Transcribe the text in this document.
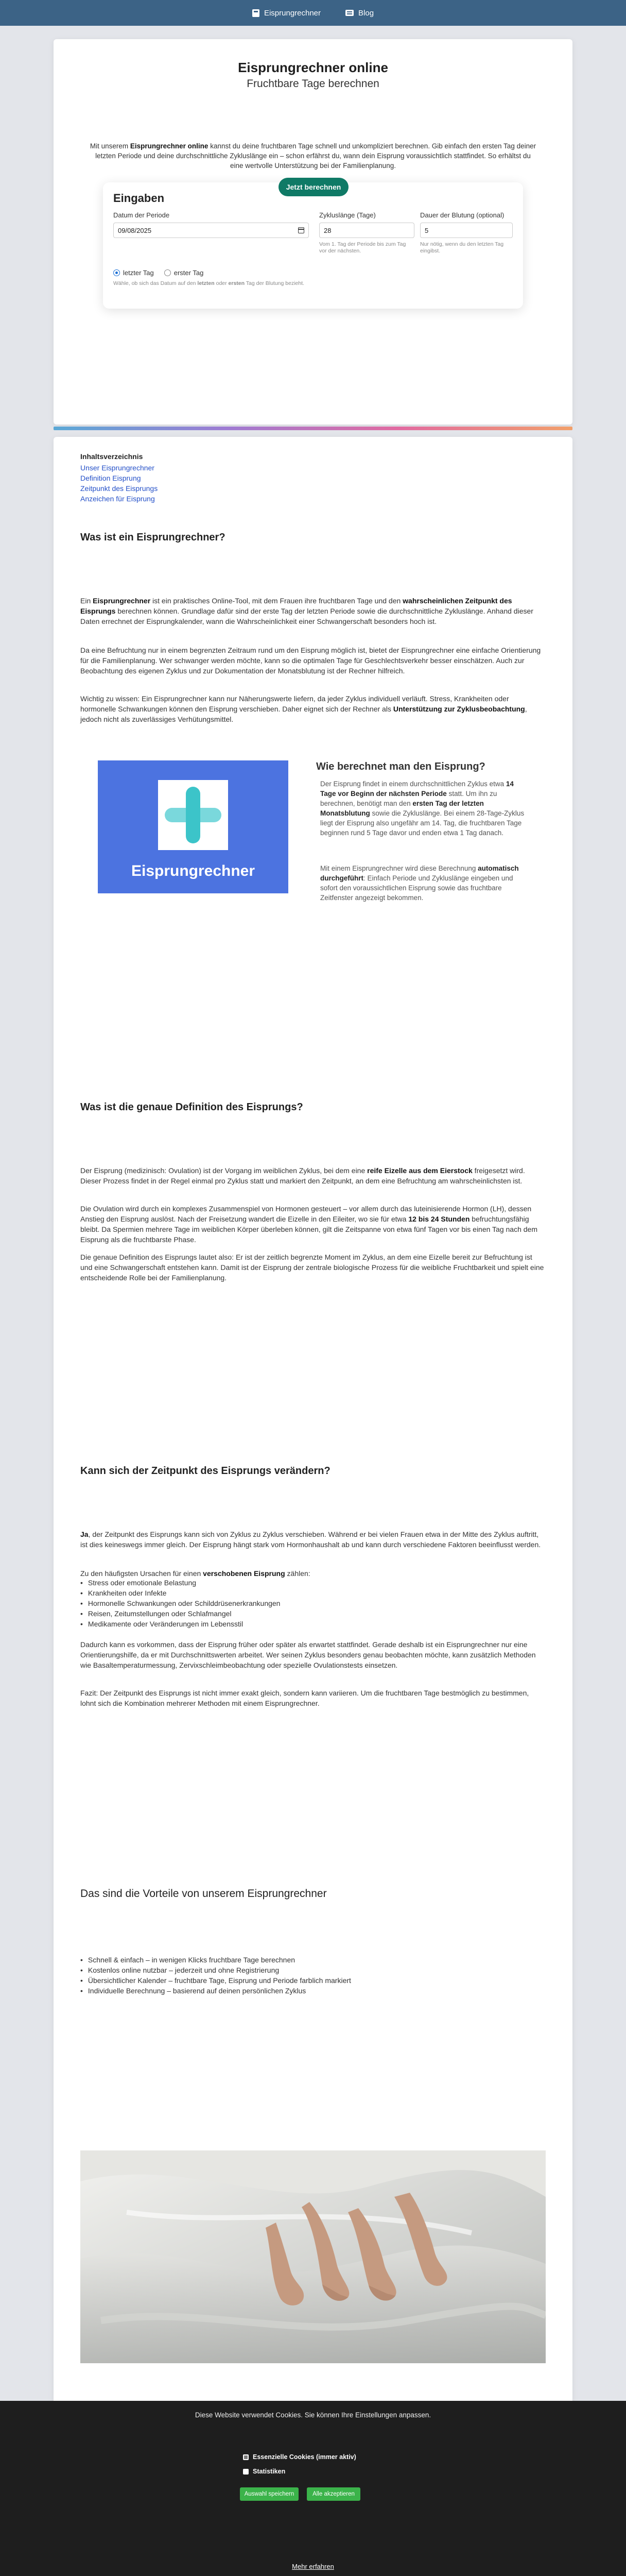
Eisprungrechner	Blog
Eisprungrechner online
Fruchtbare Tage berechnen

Mit unserem Eisprungrechner online kannst du deine fruchtbaren Tage schnell und unkompliziert berechnen. Gib einfach den ersten Tag deiner letzten Periode und deine durchschnittliche Zykluslänge ein – schon erfährst du, wann dein Eisprung voraussichtlich stattfindet. So erhältst du eine wertvolle Unterstützung bei der Familienplanung.

Eingaben
Datum der Periode
09/08/2025
Zykluslänge (Tage)
28
Vom 1. Tag der Periode bis zum Tag vor der nächsten.
Dauer der Blutung (optional)
5
Nur nötig, wenn du den letzten Tag eingibst.
letzter Tag	erster Tag
Wähle, ob sich das Datum auf den letzten oder ersten Tag der Blutung bezieht.
Jetzt berechnen
Inhaltsverzeichnis
Unser Eisprungrechner
Definition Eisprung
Zeitpunkt des Eisprungs
Anzeichen für Eisprung
Was ist ein Eisprungrechner?

Ein Eisprungrechner ist ein praktisches Online-Tool, mit dem Frauen ihre fruchtbaren Tage und den wahrscheinlichen Zeitpunkt des Eisprungs berechnen können. Grundlage dafür sind der erste Tag der letzten Periode sowie die durchschnittliche Zykluslänge. Anhand dieser Daten errechnet der Eisprungkalender, wann die Wahrscheinlichkeit einer Schwangerschaft besonders hoch ist.

Da eine Befruchtung nur in einem begrenzten Zeitraum rund um den Eisprung möglich ist, bietet der Eisprungrechner eine einfache Orientierung für die Familienplanung. Wer schwanger werden möchte, kann so die optimalen Tage für Geschlechtsverkehr besser einschätzen. Auch zur Beobachtung des eigenen Zyklus und zur Dokumentation der Monatsblutung ist der Rechner hilfreich.

Wichtig zu wissen: Ein Eisprungrechner kann nur Näherungswerte liefern, da jeder Zyklus individuell verläuft. Stress, Krankheiten oder hormonelle Schwankungen können den Eisprung verschieben. Daher eignet sich der Rechner als Unterstützung zur Zyklusbeobachtung, jedoch nicht als zuverlässiges Verhütungsmittel.

Eisprungrechner
Wie berechnet man den Eisprung?

Der Eisprung findet in einem durchschnittlichen Zyklus etwa 14 Tage vor Beginn der nächsten Periode statt. Um ihn zu berechnen, benötigt man den ersten Tag der letzten Monatsblutung sowie die Zykluslänge. Bei einem 28-Tage-Zyklus liegt der Eisprung also ungefähr am 14. Tag, die fruchtbaren Tage beginnen rund 5 Tage davor und enden etwa 1 Tag danach.

Mit einem Eisprungrechner wird diese Berechnung automatisch durchgeführt: Einfach Periode und Zykluslänge eingeben und sofort den voraussichtlichen Eisprung sowie das fruchtbare Zeitfenster angezeigt bekommen.

Was ist die genaue Definition des Eisprungs?

Der Eisprung (medizinisch: Ovulation) ist der Vorgang im weiblichen Zyklus, bei dem eine reife Eizelle aus dem Eierstock freigesetzt wird. Dieser Prozess findet in der Regel einmal pro Zyklus statt und markiert den Zeitpunkt, an dem eine Befruchtung am wahrscheinlichsten ist.

Die Ovulation wird durch ein komplexes Zusammenspiel von Hormonen gesteuert – vor allem durch das luteinisierende Hormon (LH), dessen Anstieg den Eisprung auslöst. Nach der Freisetzung wandert die Eizelle in den Eileiter, wo sie für etwa 12 bis 24 Stunden befruchtungsfähig bleibt. Da Spermien mehrere Tage im weiblichen Körper überleben können, gilt die Zeitspanne von etwa fünf Tagen vor bis einen Tag nach dem Eisprung als die fruchtbarste Phase.

Die genaue Definition des Eisprungs lautet also: Er ist der zeitlich begrenzte Moment im Zyklus, an dem eine Eizelle bereit zur Befruchtung ist und eine Schwangerschaft entstehen kann. Damit ist der Eisprung der zentrale biologische Prozess für die weibliche Fruchtbarkeit und spielt eine entscheidende Rolle bei der Familienplanung.

Kann sich der Zeitpunkt des Eisprungs verändern?

Ja, der Zeitpunkt des Eisprungs kann sich von Zyklus zu Zyklus verschieben. Während er bei vielen Frauen etwa in der Mitte des Zyklus auftritt, ist dies keineswegs immer gleich. Der Eisprung hängt stark vom Hormonhaushalt ab und kann durch verschiedene Faktoren beeinflusst werden.

Zu den häufigsten Ursachen für einen verschobenen Eisprung zählen:

• Stress oder emotionale Belastung
• Krankheiten oder Infekte
• Hormonelle Schwankungen oder Schilddrüsenerkrankungen
• Reisen, Zeitumstellungen oder Schlafmangel
• Medikamente oder Veränderungen im Lebensstil

Dadurch kann es vorkommen, dass der Eisprung früher oder später als erwartet stattfindet. Gerade deshalb ist ein Eisprungrechner nur eine Orientierungshilfe, da er mit Durchschnittswerten arbeitet. Wer seinen Zyklus besonders genau beobachten möchte, kann zusätzlich Methoden wie Basaltemperaturmessung, Zervixschleimbeobachtung oder spezielle Ovulationstests einsetzen.

Fazit: Der Zeitpunkt des Eisprungs ist nicht immer exakt gleich, sondern kann variieren. Um die fruchtbaren Tage bestmöglich zu bestimmen, lohnt sich die Kombination mehrerer Methoden mit einem Eisprungrechner.

Das sind die Vorteile von unserem Eisprungrechner
• Schnell & einfach – in wenigen Klicks fruchtbare Tage berechnen
• Kostenlos online nutzbar – jederzeit und ohne Registrierung
• Übersichtlicher Kalender – fruchtbare Tage, Eisprung und Periode farblich markiert
• Individuelle Berechnung – basierend auf deinen persönlichen Zyklus
Diese Website verwendet Cookies. Sie können Ihre Einstellungen anpassen.
Essenzielle Cookies (immer aktiv)
Statistiken
Auswahl speichern	Alle akzeptieren
Mehr erfahren
